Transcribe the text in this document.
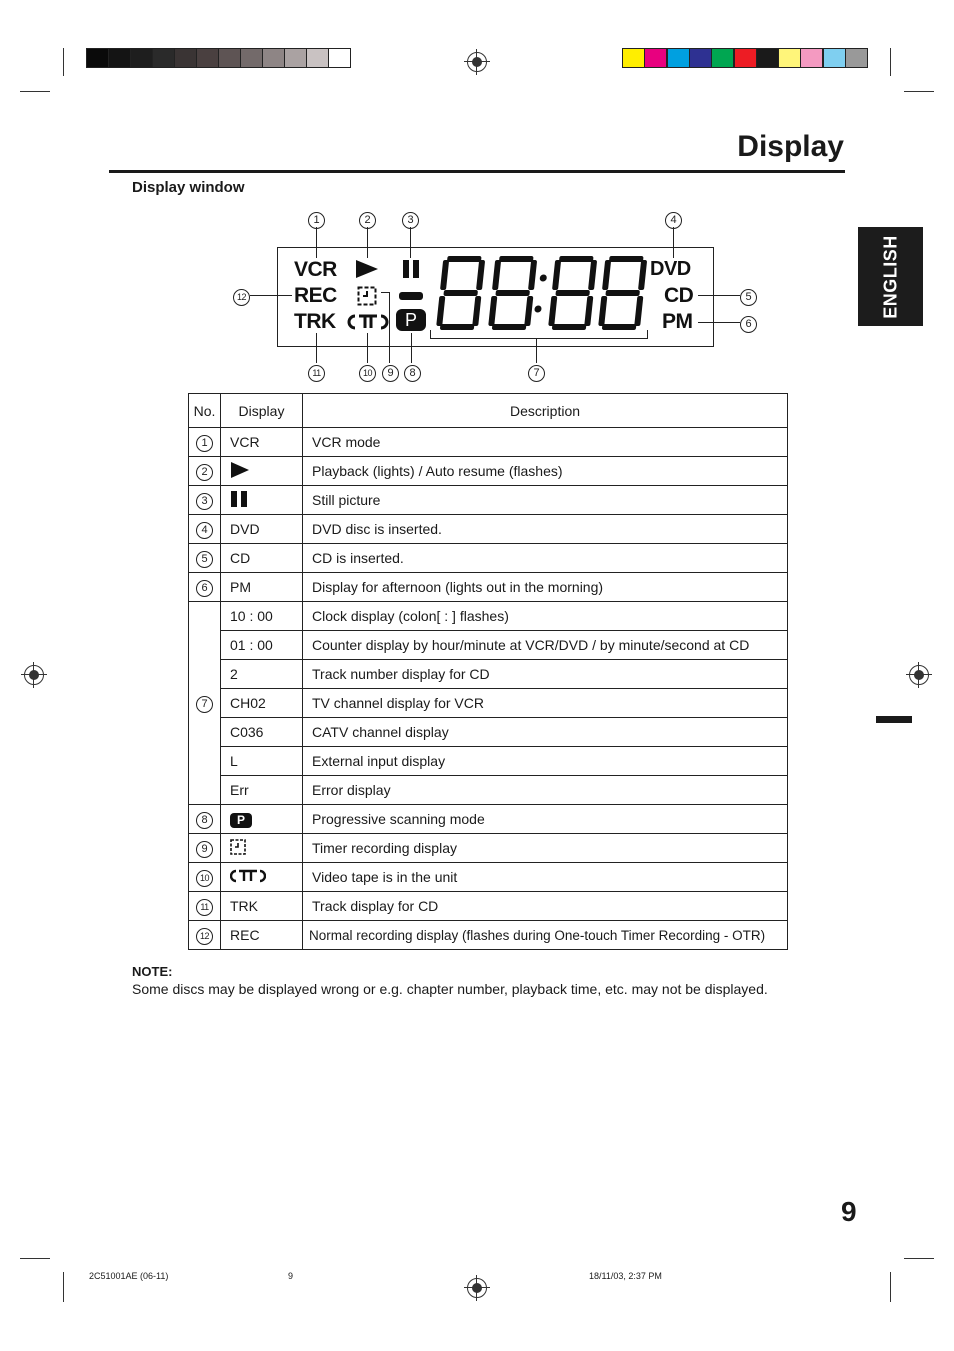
Display
Display window
ENGLISH
VCR
REC
TRK
DVD
CD
PM
P
1	2	3	4
5
6
7
8
9
10
11
12
No.	Display	Description
1	VCR	VCR mode
2		Playback (lights) / Auto resume (flashes)
3		Still picture
4	DVD	DVD disc is inserted.
5	CD	CD is inserted.
6	PM	Display for afternoon (lights out in the morning)
7	10 : 00	Clock display (colon[ : ] flashes)
	01 : 00	Counter display by hour/minute at VCR/DVD / by minute/second at CD
	2	Track number display for CD
	CH02	TV channel display for VCR
	C036	CATV channel display
	L	External input display
	Err	Error display
8	P	Progressive scanning mode
9		Timer recording display
10		Video tape is in the unit
11	TRK	Track display for CD
12	REC	Normal recording display (flashes during One-touch Timer Recording - OTR)
NOTE:
Some discs may be displayed wrong or e.g. chapter number, playback time, etc. may not be displayed.
9
2C51001AE (06-11)	9	18/11/03, 2:37 PM
